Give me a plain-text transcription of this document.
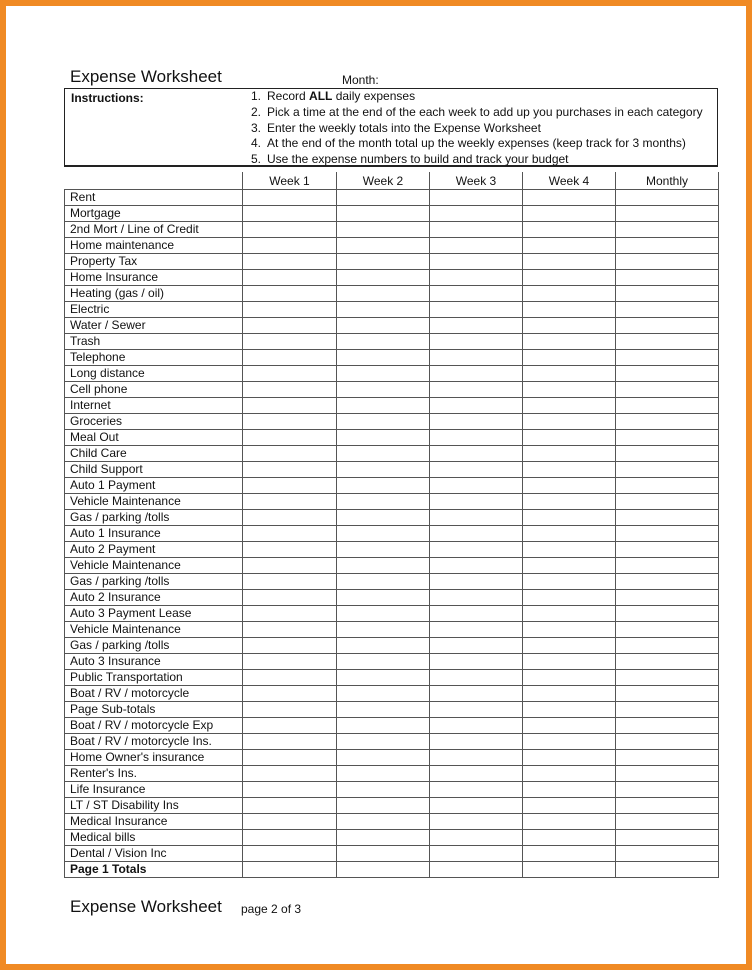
Expense Worksheet	Month:
Instructions:	1. Record ALL daily expenses
2. Pick a time at the end of the each week to add up you purchases in each category
3. Enter the weekly totals into the Expense Worksheet
4. At the end of the month total up the weekly expenses (keep track for 3 months)
5. Use the expense numbers to build and track your budget
	Week 1	Week 2	Week 3	Week 4	Monthly
Rent					
Mortgage					
2nd Mort / Line of Credit					
Home maintenance					
Property Tax					
Home Insurance					
Heating (gas / oil)					
Electric					
Water / Sewer					
Trash					
Telephone					
Long distance					
Cell phone					
Internet					
Groceries					
Meal Out					
Child Care					
Child Support					
Auto 1 Payment					
Vehicle Maintenance					
Gas / parking /tolls					
Auto 1 Insurance					
Auto 2 Payment					
Vehicle Maintenance					
Gas / parking /tolls					
Auto 2 Insurance					
Auto 3 Payment Lease					
Vehicle Maintenance					
Gas / parking /tolls					
Auto 3 Insurance					
Public Transportation					
Boat / RV / motorcycle					
Page Sub-totals					
Boat / RV / motorcycle Exp					
Boat / RV / motorcycle Ins.					
Home Owner's insurance					
Renter's Ins.					
Life Insurance					
LT / ST Disability Ins					
Medical Insurance					
Medical bills					
Dental / Vision Inc					
Page 1 Totals					
Expense Worksheet page 2 of 3
